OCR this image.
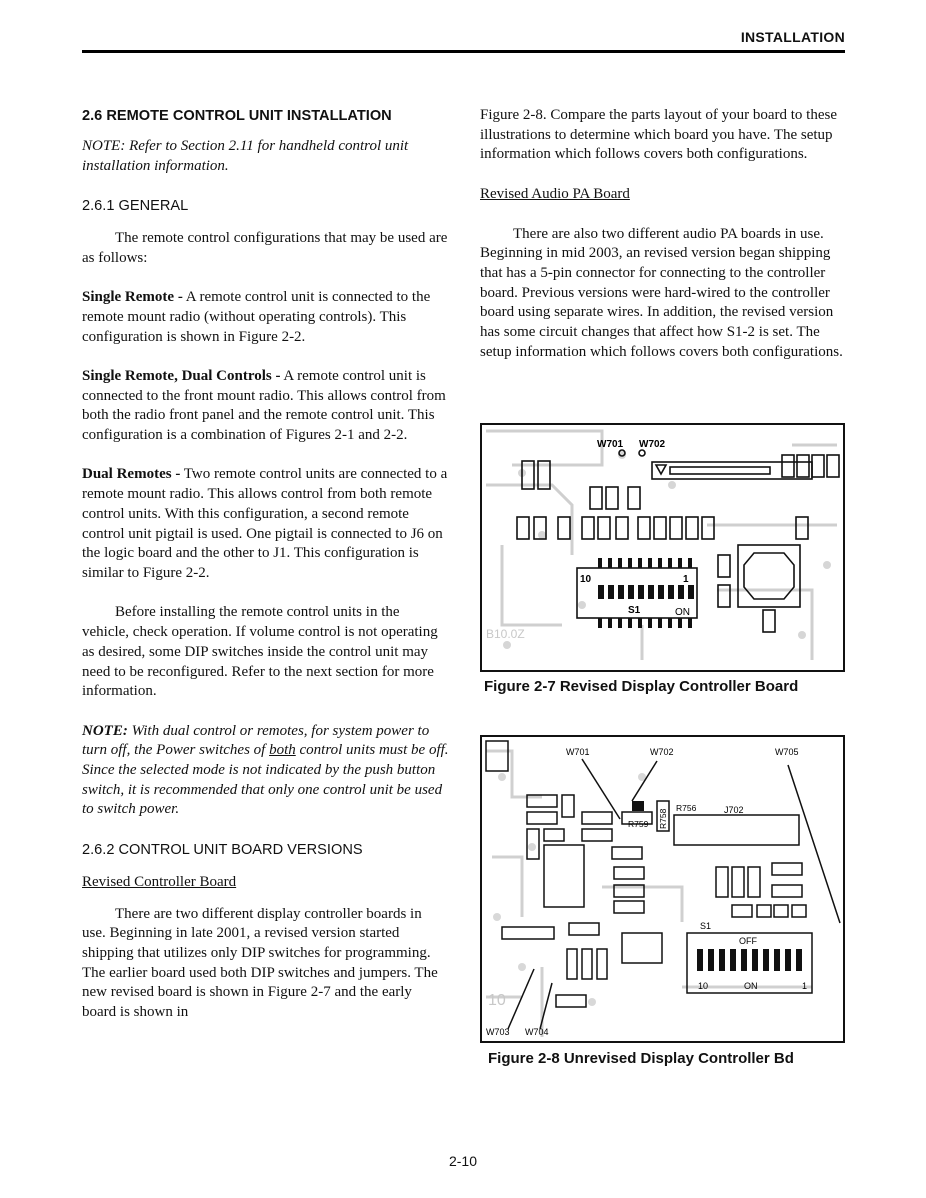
INSTALLATION
2.6 REMOTE CONTROL UNIT INSTALLATION
NOTE: Refer to Section 2.11 for handheld control unit installation information.
2.6.1 GENERAL
The remote control configurations that may be used are as follows:
Single Remote - A remote control unit is connected to the remote mount radio (without operating controls). This configuration is shown in Figure 2-2.
Single Remote, Dual Controls - A remote control unit is connected to the front mount radio. This allows control from both the radio front panel and the remote control unit. This configuration is a combination of Figures 2-1 and 2-2.
Dual Remotes - Two remote control units are connected to a remote mount radio. This allows control from both remote control units. With this configuration, a second remote control unit pigtail is used. One pigtail is connected to J6 on the logic board and the other to J1. This configuration is similar to Figure 2-2.
Before installing the remote control units in the vehicle, check operation. If volume control is not operating as desired, some DIP switches inside the control unit may need to be reconfigured. Refer to the next section for more information.
NOTE: With dual control or remotes, for system power to turn off, the Power switches of both control units must be off. Since the selected mode is not indicated by the push button switch, it is recommended that only one control unit be used to switch power.
2.6.2 CONTROL UNIT BOARD VERSIONS
Revised Controller Board
There are two different display controller boards in use. Beginning in late 2001, a revised version started shipping that utilizes only DIP switches for programming. The earlier board used both DIP switches and jumpers. The new revised board is shown in Figure 2-7 and the early board is shown in
Figure 2-8. Compare the parts layout of your board to these illustrations to determine which board you have. The setup information which follows covers both configurations.
Revised Audio PA Board
There are also two different audio PA boards in use. Beginning in mid 2003, an revised version began shipping that has a 5-pin connector for connecting to the controller board. Previous versions were hard-wired to the controller board using separate wires. In addition, the revised version has some circuit changes that affect how S1-2 is set. The setup information which follows covers both configurations.
W701 W702
10	1
S1	ON
B10.0Z
Figure 2-7 Revised Display Controller Board
W701	W702	W705
R756
R759 R758	J702
S1
OFF
10	ON	1
W703 W704
10
Figure 2-8 Unrevised Display Controller Bd
2-10
